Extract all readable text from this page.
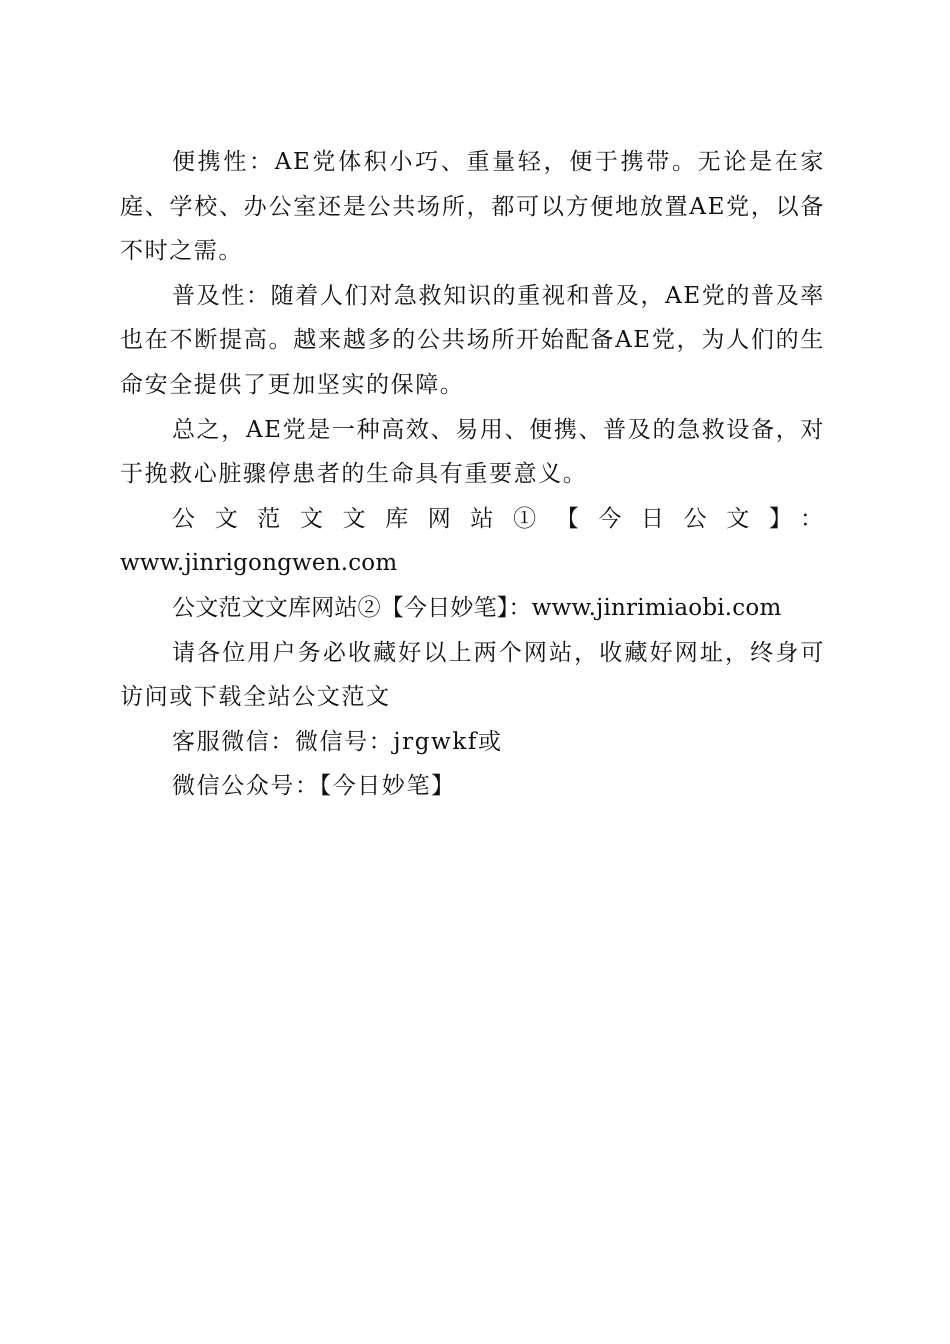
便携性：AE党体积小巧、重量轻，便于携带。无论是在家庭、学校、办公室还是公共场所，都可以方便地放置AE党，以备不时之需。

普及性：随着人们对急救知识的重视和普及，AE党的普及率也在不断提高。越来越多的公共场所开始配备AE党，为人们的生命安全提供了更加坚实的保障。

总之，AE党是一种高效、易用、便携、普及的急救设备，对于挽救心脏骤停患者的生命具有重要意义。

公文范文文库网站①【今日公文】：

www.jinrigongwen.com

公文范文文库网站②【今日妙笔】：www.jinrimiaobi.com

请各位用户务必收藏好以上两个网站，收藏好网址，终身可访问或下载全站公文范文

客服微信：微信号：jrgwkf或

微信公众号：【今日妙笔】
